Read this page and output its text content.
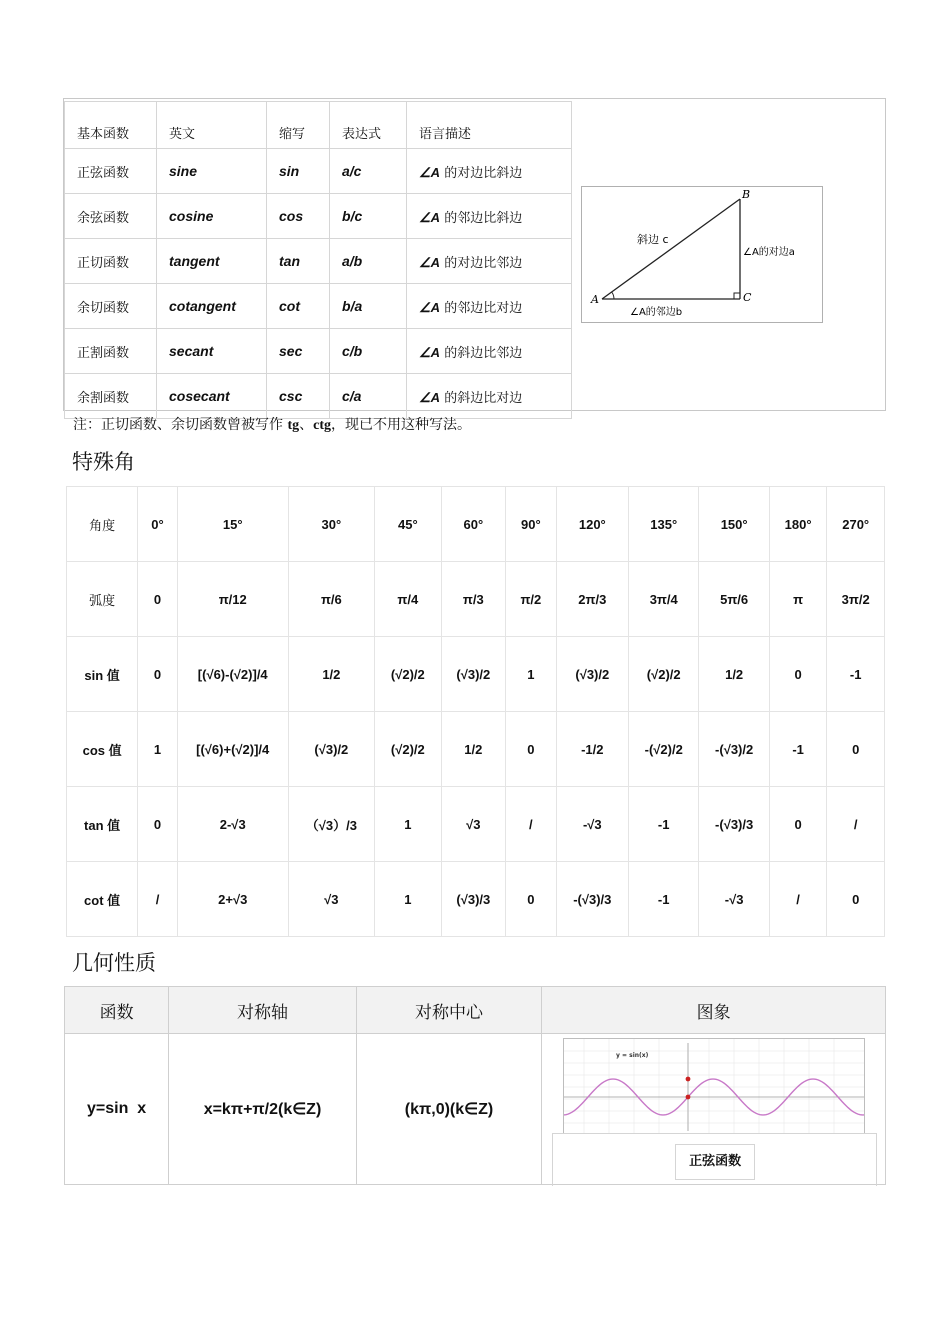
基本函数	英文	缩写	表达式	语言描述
正弦函数	sine	sin	a/c	∠A 的对边比斜边
余弦函数	cosine	cos	b/c	∠A 的邻边比斜边
正切函数	tangent	tan	a/b	∠A 的对边比邻边
余切函数	cotangent	cot	b/a	∠A 的邻边比对边
正割函数	secant	sec	c/b	∠A 的斜边比邻边
余割函数	cosecant	csc	c/a	∠A 的斜边比对边
A
B
C
斜边 c
∠A的对边a
∠A的邻边b
注：正切函数、余切函数曾被写作 tg、ctg，现已不用这种写法。
特殊角
角度	0°	15°	30°	45°	60°	90°	120°	135°	150°	180°	270°
弧度	0	π/12	π/6	π/4	π/3	π/2	2π/3	3π/4	5π/6	π	3π/2
sin 值	0	[(√6)-(√2)]/4	1/2	(√2)/2	(√3)/2	1	(√3)/2	(√2)/2	1/2	0	-1
cos 值	1	[(√6)+(√2)]/4	(√3)/2	(√2)/2	1/2	0	-1/2	-(√2)/2	-(√3)/2	-1	0
tan 值	0	2-√3	（√3）/3	1	√3	/	-√3	-1	-(√3)/3	0	/
cot 值	/	2+√3	√3	1	(√3)/3	0	-(√3)/3	-1	-√3	/	0
几何性质
函数	对称轴	对称中心	图象
y=sin  x	x=kπ+π/2(k∈Z)	(kπ,0)(k∈Z)	y = sin(x)
正弦函数
